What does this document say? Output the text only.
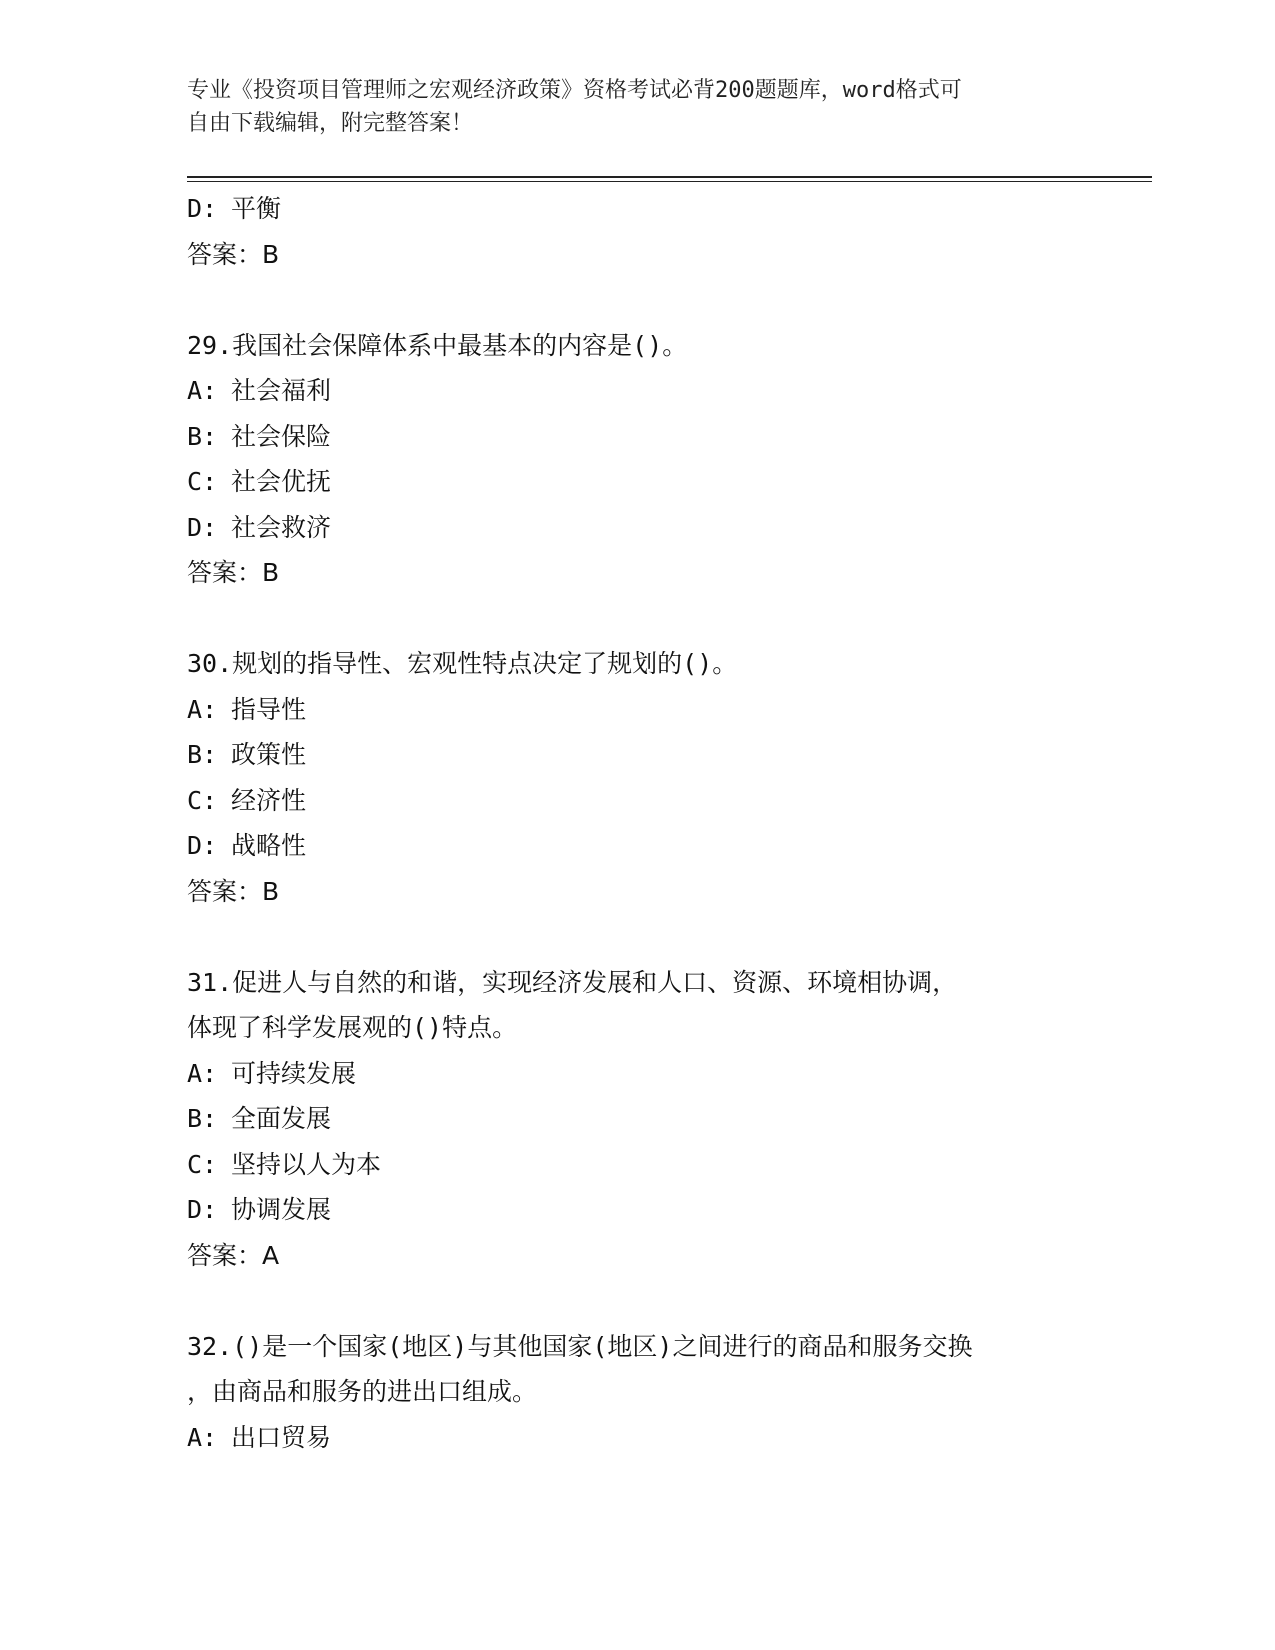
专业《投资项目管理师之宏观经济政策》资格考试必背200题题库，word格式可
自由下载编辑，附完整答案！
D: 平衡
答案：B
29.我国社会保障体系中最基本的内容是()。
A: 社会福利
B: 社会保险
C: 社会优抚
D: 社会救济
答案：B
30.规划的指导性、宏观性特点决定了规划的()。
A: 指导性
B: 政策性
C: 经济性
D: 战略性
答案：B
31.促进人与自然的和谐，实现经济发展和人口、资源、环境相协调，
体现了科学发展观的()特点。
A: 可持续发展
B: 全面发展
C: 坚持以人为本
D: 协调发展
答案：A
32.()是一个国家(地区)与其他国家(地区)之间进行的商品和服务交换
，由商品和服务的进出口组成。
A: 出口贸易
